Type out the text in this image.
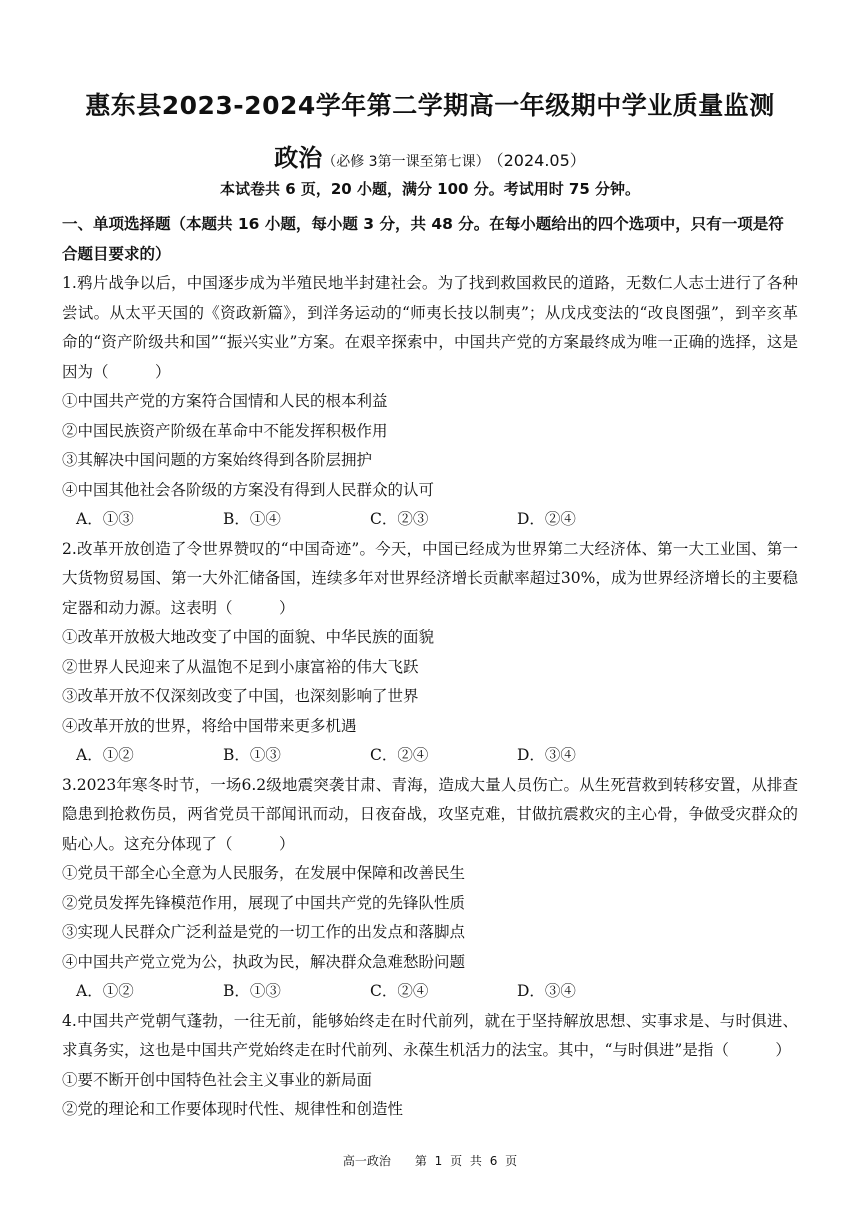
惠东县2023-2024学年第二学期高一年级期中学业质量监测
政治（必修 3第一课至第七课） （2024.05）
本试卷共 6 页，20 小题，满分 100 分。考试用时 75 分钟。
一、单项选择题（本题共 16 小题，每小题 3 分，共 48 分。在每小题给出的四个选项中，只有一项是符合题目要求的）
1.鸦片战争以后，中国逐步成为半殖民地半封建社会。为了找到救国救民的道路，无数仁人志士进行了各种尝试。从太平天国的《资政新篇》，到洋务运动的“师夷长技以制夷”；从戊戌变法的“改良图强”，到辛亥革命的“资产阶级共和国”“振兴实业”方案。在艰辛探索中，中国共产党的方案最终成为唯一正确的选择，这是因为（　　　）
①中国共产党的方案符合国情和人民的根本利益
②中国民族资产阶级在革命中不能发挥积极作用
③其解决中国问题的方案始终得到各阶层拥护
④中国其他社会各阶级的方案没有得到人民群众的认可
A．①③	B．①④	C．②③	D．②④
2.改革开放创造了令世界赞叹的“中国奇迹”。今天，中国已经成为世界第二大经济体、第一大工业国、第一大货物贸易国、第一大外汇储备国，连续多年对世界经济增长贡献率超过30%，成为世界经济增长的主要稳定器和动力源。这表明（　　　）
①改革开放极大地改变了中国的面貌、中华民族的面貌
②世界人民迎来了从温饱不足到小康富裕的伟大飞跃
③改革开放不仅深刻改变了中国，也深刻影响了世界
④改革开放的世界，将给中国带来更多机遇
A．①②	B．①③	C．②④	D．③④
3.2023年寒冬时节，一场6.2级地震突袭甘肃、青海，造成大量人员伤亡。从生死营救到转移安置，从排查隐患到抢救伤员，两省党员干部闻讯而动，日夜奋战，攻坚克难，甘做抗震救灾的主心骨，争做受灾群众的贴心人。这充分体现了（　　　）
①党员干部全心全意为人民服务，在发展中保障和改善民生
②党员发挥先锋模范作用，展现了中国共产党的先锋队性质
③实现人民群众广泛利益是党的一切工作的出发点和落脚点
④中国共产党立党为公，执政为民，解决群众急难愁盼问题
A．①②	B．①③	C．②④	D．③④
4.中国共产党朝气蓬勃，一往无前，能够始终走在时代前列，就在于坚持解放思想、实事求是、与时俱进、求真务实，这也是中国共产党始终走在时代前列、永葆生机活力的法宝。其中，“与时俱进”是指（　　　）
①要不断开创中国特色社会主义事业的新局面
②党的理论和工作要体现时代性、规律性和创造性
高一政治　　第 1 页 共 6 页
